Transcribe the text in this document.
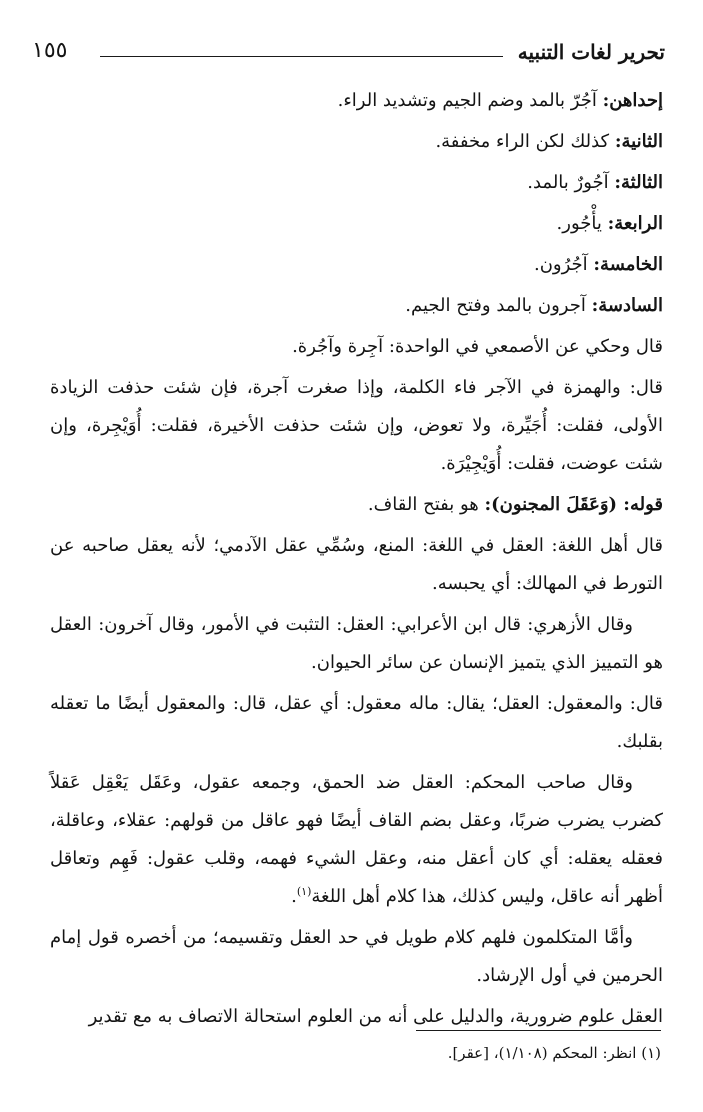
تحرير لغات التنبيه
١٥٥

إحداهن: آجُرّ بالمد وضم الجيم وتشديد الراء.

الثانية: كذلك لكن الراء مخففة.

الثالثة: آجُورٌ بالمد.

الرابعة: يأْجُور.

الخامسة: آجُرُون.

السادسة: آجرون بالمد وفتح الجيم.

قال وحكي عن الأصمعي في الواحدة: آجِرة وآجُرة.

قال: والهمزة في الآجر فاء الكلمة، وإذا صغرت آجرة، فإن شئت حذفت الزيادة الأولى، فقلت: أُجَيِّرة، ولا تعوض، وإن شئت حذفت الأخيرة، فقلت: أُوَيْجِرة، وإن شئت عوضت، فقلت: أُوَيْجِيْرَة.

قوله: (وَعَقَلَ المجنون): هو بفتح القاف.

قال أهل اللغة: العقل في اللغة: المنع، وسُمِّي عقل الآدمي؛ لأنه يعقل صاحبه عن التورط في المهالك: أي يحبسه.

وقال الأزهري: قال ابن الأعرابي: العقل: التثبت في الأمور، وقال آخرون: العقل هو التمييز الذي يتميز الإنسان عن سائر الحيوان.

قال: والمعقول: العقل؛ يقال: ماله معقول: أي عقل، قال: والمعقول أيضًا ما تعقله بقلبك.

وقال صاحب المحكم: العقل ضد الحمق، وجمعه عقول، وعَقَل يَعْقِل عَقلاً كضرب يضرب ضربًا، وعقل بضم القاف أيضًا فهو عاقل من قولهم: عقلاء، وعاقلة، فعقله يعقله: أي كان أعقل منه، وعقل الشيء فهمه، وقلب عقول: فَهِم وتعاقل أظهر أنه عاقل، وليس كذلك، هذا كلام أهل اللغة$^{(١)}$.

وأمَّا المتكلمون فلهم كلام طويل في حد العقل وتقسيمه؛ من أخصره قول إمام الحرمين في أول الإرشاد.

العقل علوم ضرورية، والدليل على أنه من العلوم استحالة الاتصاف به مع تقدير

(١) انظر: المحكم (١/١٠٨)، [عقر].
